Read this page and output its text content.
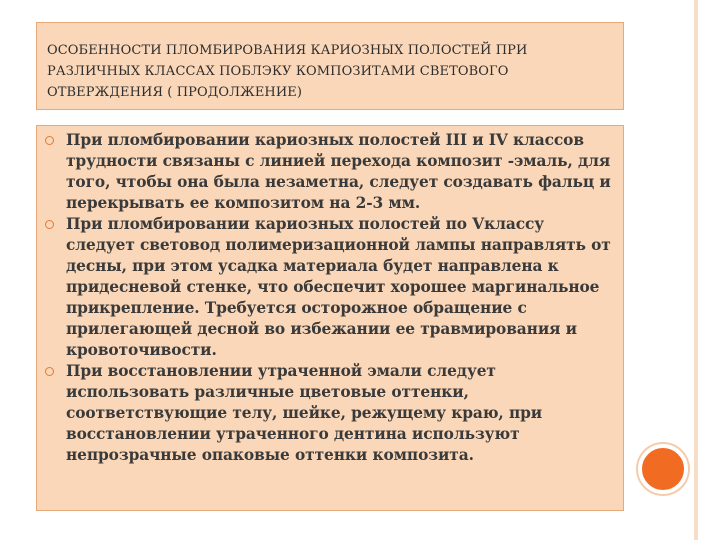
ОСОБЕННОСТИ ПЛОМБИРОВАНИЯ КАРИОЗНЫХ ПОЛОСТЕЙ ПРИ РАЗЛИЧНЫХ КЛАССАХ ПОБЛЭКУ КОМПОЗИТАМИ СВЕТОВОГО ОТВЕРЖДЕНИЯ ( ПРОДОЛЖЕНИЕ)
При пломбировании кариозных полостей III и IV классов трудности связаны с линией перехода композит -эмаль, для того, чтобы она была незаметна, следует создавать фальц и перекрывать ее композитом на 2-3 мм.
При пломбировании кариозных полостей по Vклассу следует световод полимеризационной лампы направлять от десны, при этом усадка материала будет направлена к придесневой стенке, что обеспечит хорошее маргинальное прикрепление. Требуется осторожное обращение с прилегающей десной во избежании ее травмирования и кровоточивости.
При восстановлении утраченной эмали следует использовать различные цветовые оттенки, соответствующие телу, шейке, режущему краю, при восстановлении утраченного дентина используют непрозрачные опаковые оттенки композита.
